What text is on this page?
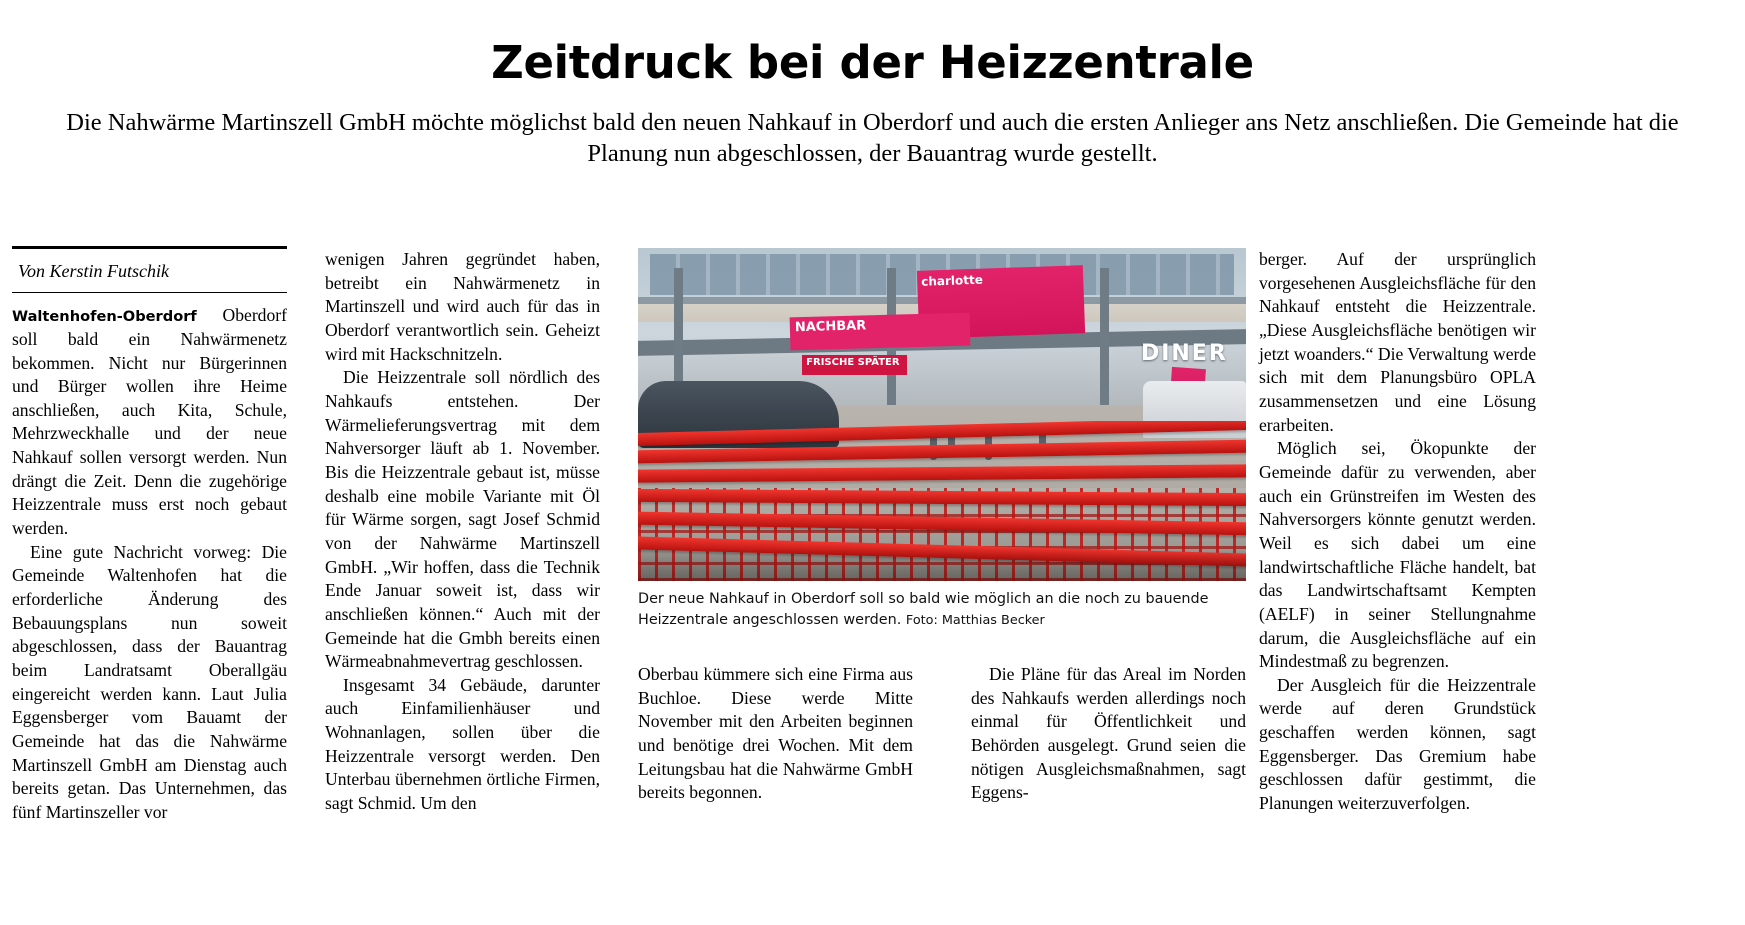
Zeitdruck bei der Heizzentrale
Die Nahwärme Martinszell GmbH möchte möglichst bald den neuen Nahkauf in Oberdorf und auch die ersten Anlieger ans Netz anschließen. Die Gemeinde hat die Planung nun abgeschlossen, der Bauantrag wurde gestellt.
Von Kerstin Futschik

Waltenhofen-Oberdorf Oberdorf soll bald ein Nahwärmenetz bekommen. Nicht nur Bürgerinnen und Bürger wollen ihre Heime anschließen, auch Kita, Schule, Mehrzweckhalle und der neue Nahkauf sollen versorgt werden. Nun drängt die Zeit. Denn die zugehörige Heizzentrale muss erst noch gebaut werden.

Eine gute Nachricht vorweg: Die Gemeinde Waltenhofen hat die erforderliche Änderung des Bebauungsplans nun soweit abgeschlossen, dass der Bauantrag beim Landratsamt Oberallgäu eingereicht werden kann. Laut Julia Eggensberger vom Bauamt der Gemeinde hat das die Nahwärme Martinszell GmbH am Dienstag auch bereits getan. Das Unternehmen, das fünf Martinszeller vor

wenigen Jahren gegründet haben, betreibt ein Nahwärmenetz in Martinszell und wird auch für das in Oberdorf verantwortlich sein. Geheizt wird mit Hackschnitzeln.

Die Heizzentrale soll nördlich des Nahkaufs entstehen. Der Wärmelieferungsvertrag mit dem Nahversorger läuft ab 1. November. Bis die Heizzentrale gebaut ist, müsse deshalb eine mobile Variante mit Öl für Wärme sorgen, sagt Josef Schmid von der Nahwärme Martinszell GmbH. „Wir hoffen, dass die Technik Ende Januar soweit ist, dass wir anschließen können.“ Auch mit der Gemeinde hat die Gmbh bereits einen Wärmeabnahmevertrag geschlossen.

Insgesamt 34 Gebäude, darunter auch Einfamilienhäuser und Wohnanlagen, sollen über die Heizzentrale versorgt werden. Den Unterbau übernehmen örtliche Firmen, sagt Schmid. Um den

charlotte
NACHBAR
FRISCHE SPÄTER	DINER
Der neue Nahkauf in Oberdorf soll so bald wie möglich an die noch zu bauende Heizzentrale angeschlossen werden. Foto: Matthias Becker

Oberbau kümmere sich eine Firma aus Buchloe. Diese werde Mitte November mit den Arbeiten beginnen und benötige drei Wochen. Mit dem Leitungsbau hat die Nahwärme GmbH bereits begonnen.

Die Pläne für das Areal im Norden des Nahkaufs werden allerdings noch einmal für Öffentlichkeit und Behörden ausgelegt. Grund seien die nötigen Ausgleichsmaßnahmen, sagt Eggens-

berger. Auf der ursprünglich vorgesehenen Ausgleichsfläche für den Nahkauf entsteht die Heizzentrale. „Diese Ausgleichsfläche benötigen wir jetzt woanders.“ Die Verwaltung werde sich mit dem Planungsbüro OPLA zusammensetzen und eine Lösung erarbeiten.

Möglich sei, Ökopunkte der Gemeinde dafür zu verwenden, aber auch ein Grünstreifen im Westen des Nahversorgers könnte genutzt werden. Weil es sich dabei um eine landwirtschaftliche Fläche handelt, bat das Landwirtschaftsamt Kempten (AELF) in seiner Stellungnahme darum, die Ausgleichsfläche auf ein Mindestmaß zu begrenzen.

Der Ausgleich für die Heizzentrale werde auf deren Grundstück geschaffen werden können, sagt Eggensberger. Das Gremium habe geschlossen dafür gestimmt, die Planungen weiterzuverfolgen.
